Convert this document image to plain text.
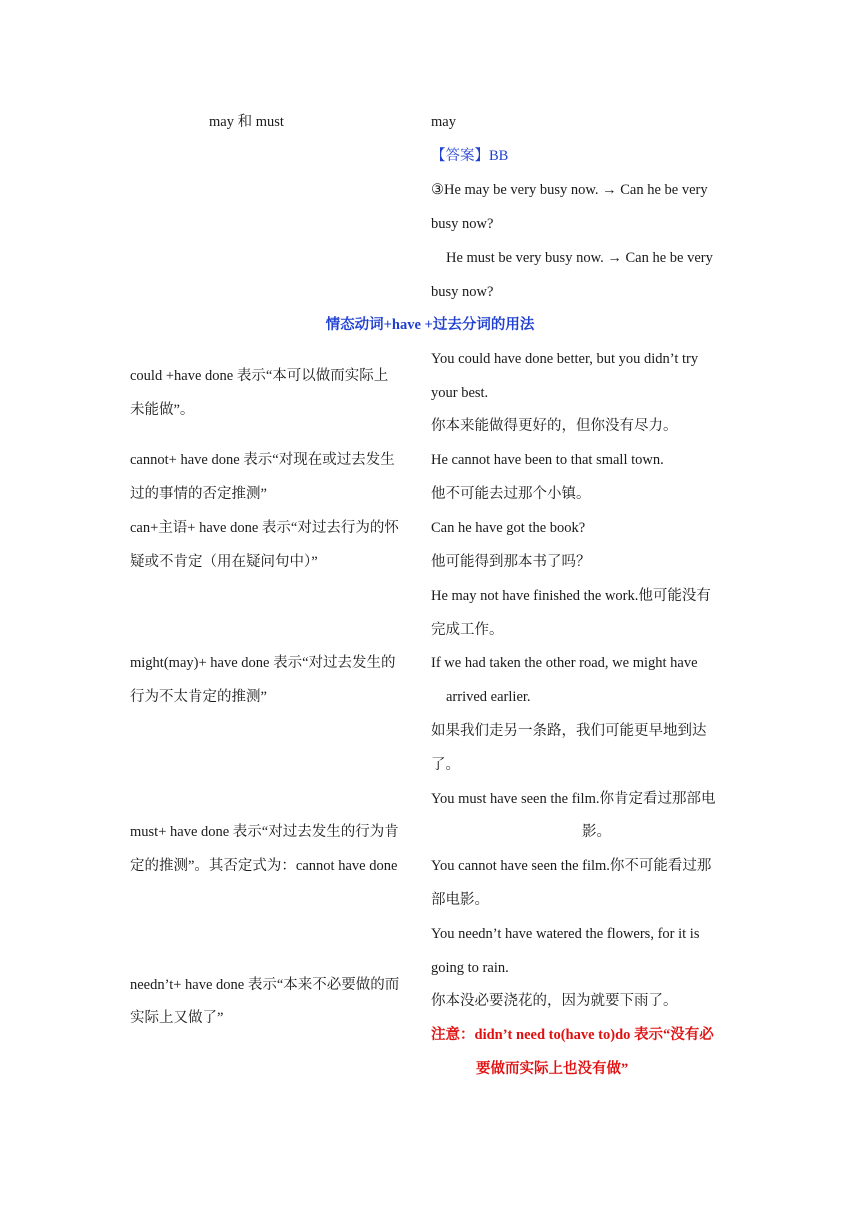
may 和 must	may
【答案】BB
③He may be very busy now. → Can he be very
busy now?
He must be very busy now. → Can he be very
busy now?
情态动词+have +过去分词的用法
could +have done 表示“本可以做而实际上
未能做”。
You could have done better, but you didn’t try
your best.
你本来能做得更好的，但你没有尽力。
cannot+ have done 表示“对现在或过去发生
过的事情的否定推测”
He cannot have been to that small town.
他不可能去过那个小镇。
can+主语+ have done 表示“对过去行为的怀
疑或不肯定（用在疑问句中）”
Can he have got the book?
他可能得到那本书了吗？
He may not have finished the work.他可能没有
完成工作。
might(may)+ have done 表示“对过去发生的
行为不太肯定的推测”
If we had taken the other road, we might have
arrived earlier.
如果我们走另一条路，我们可能更早地到达
了。
You must have seen the film.你肯定看过那部电
影。
must+ have done 表示“对过去发生的行为肯
定的推测”。其否定式为：cannot have done You cannot have seen the film.你不可能看过那
部电影。
You needn’t have watered the flowers, for it is
going to rain.
needn’t+ have done 表示“本来不必要做的而
实际上又做了”
你本没必要浇花的，因为就要下雨了。
注意：didn’t need to(have to)do 表示“没有必
要做而实际上也没有做”
